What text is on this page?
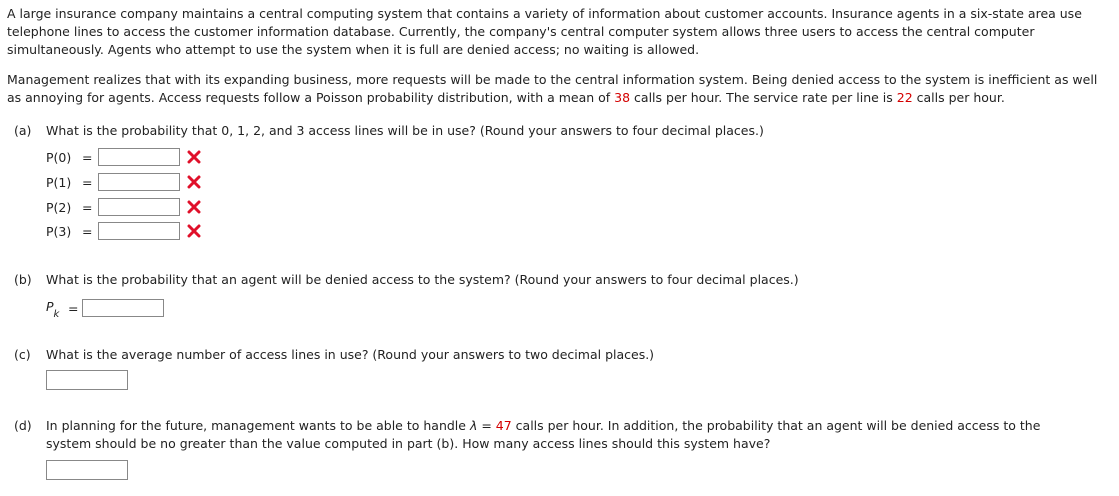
A large insurance company maintains a central computing system that contains a variety of information about customer accounts. Insurance agents in a six-state area use telephone lines to access the customer information database. Currently, the company's central computer system allows three users to access the central computer simultaneously. Agents who attempt to use the system when it is full are denied access; no waiting is allowed.

Management realizes that with its expanding business, more requests will be made to the central information system. Being denied access to the system is inefficient as well as annoying for agents. Access requests follow a Poisson probability distribution, with a mean of 38 calls per hour. The service rate per line is 22 calls per hour.

(a) What is the probability that 0, 1, 2, and 3 access lines will be in use? (Round your answers to four decimal places.)
P(0) =
P(1) =
P(2) =
P(3) =
(b) What is the probability that an agent will be denied access to the system? (Round your answers to four decimal places.)
$P_k$ =
(c) What is the average number of access lines in use? (Round your answers to two decimal places.)
(d)	In planning for the future, management wants to be able to handle λ = 47 calls per hour. In addition, the probability that an agent will be denied access to the
system should be no greater than the value computed in part (b). How many access lines should this system have?
